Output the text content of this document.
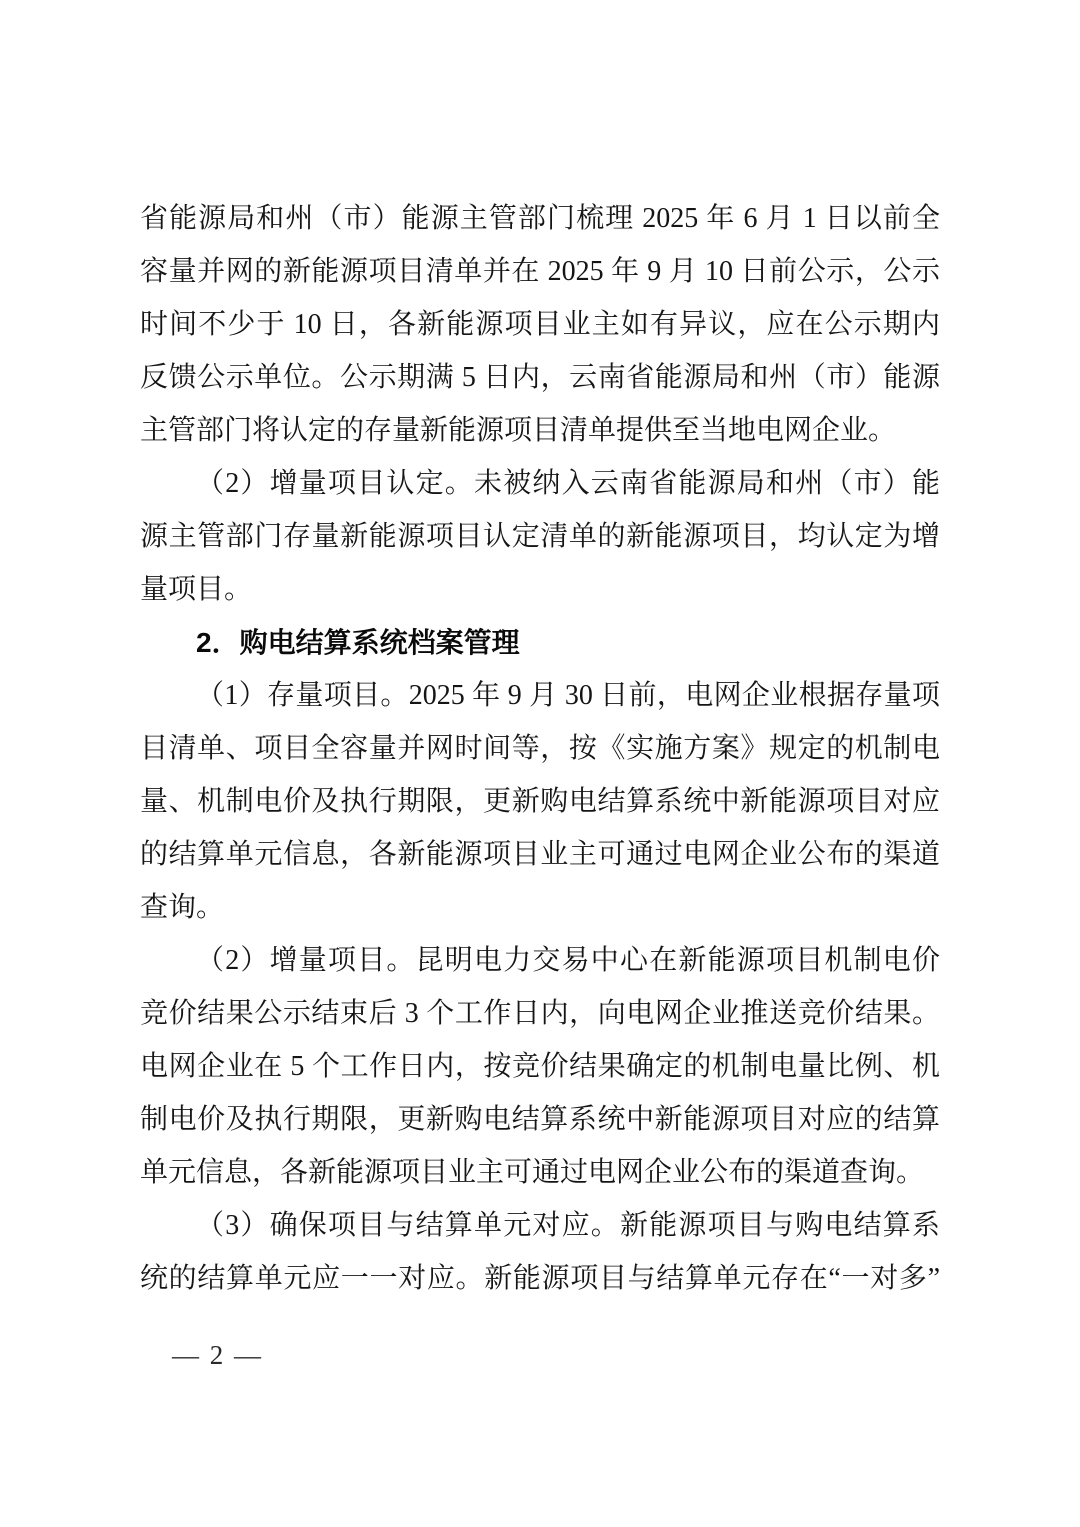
省能源局和州（市）能源主管部门梳理 2025 年 6 月 1 日以前全
容量并网的新能源项目清单并在 2025 年 9 月 10 日前公示，公示
时间不少于 10 日，各新能源项目业主如有异议，应在公示期内
反馈公示单位。公示期满 5 日内，云南省能源局和州（市）能源
主管部门将认定的存量新能源项目清单提供至当地电网企业。
（2）增量项目认定。未被纳入云南省能源局和州（市）能
源主管部门存量新能源项目认定清单的新能源项目，均认定为增
量项目。
2．购电结算系统档案管理
（1）存量项目。2025 年 9 月 30 日前，电网企业根据存量项
目清单、项目全容量并网时间等，按《实施方案》规定的机制电
量、机制电价及执行期限，更新购电结算系统中新能源项目对应
的结算单元信息，各新能源项目业主可通过电网企业公布的渠道
查询。
（2）增量项目。昆明电力交易中心在新能源项目机制电价
竞价结果公示结束后 3 个工作日内，向电网企业推送竞价结果。
电网企业在 5 个工作日内，按竞价结果确定的机制电量比例、机
制电价及执行期限，更新购电结算系统中新能源项目对应的结算
单元信息，各新能源项目业主可通过电网企业公布的渠道查询。
（3）确保项目与结算单元对应。新能源项目与购电结算系
统的结算单元应一一对应。新能源项目与结算单元存在“一对多”
— 2 —
